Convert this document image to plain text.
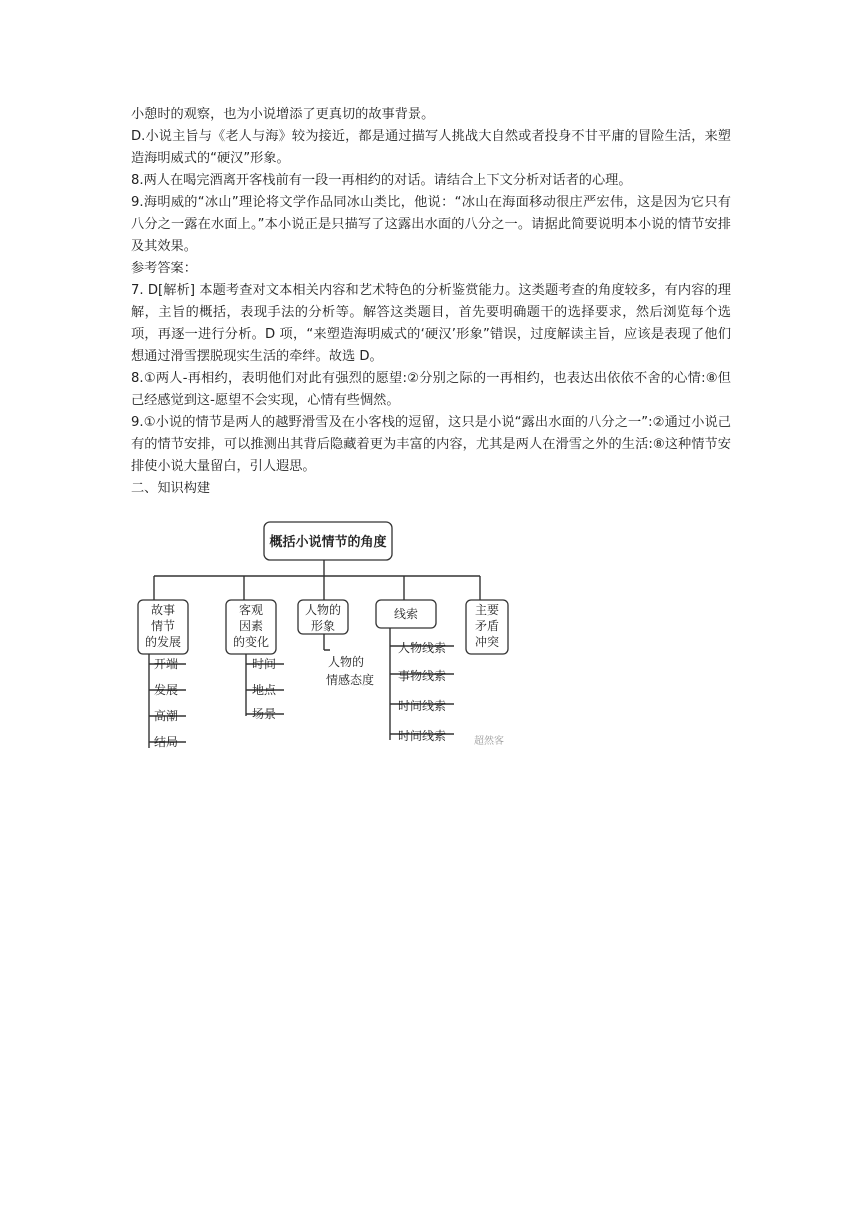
小憩时的观察，也为小说增添了更真切的故事背景。

D.小说主旨与《老人与海》较为接近，都是通过描写人挑战大自然或者投身不甘平庸的冒险生活，来塑造海明威式的“硬汉”形象。

8.两人在喝完酒离开客栈前有一段一再相约的对话。请结合上下文分析对话者的心理。

9.海明威的“冰山”理论将文学作品同冰山类比，他说：“冰山在海面移动很庄严宏伟，这是因为它只有八分之一露在水面上。”本小说正是只描写了这露出水面的八分之一。请据此简要说明本小说的情节安排及其效果。

参考答案：

7. D[解析] 本题考查对文本相关内容和艺术特色的分析鉴赏能力。这类题考查的角度较多，有内容的理解，主旨的概括，表现手法的分析等。解答这类题目，首先要明确题干的选择要求，然后浏览每个选项，再逐一进行分析。D 项，“来塑造海明威式的‘硬汉’形象”错误，过度解读主旨，应该是表现了他们想通过滑雪摆脱现实生活的牵绊。故选 D。

8.①两人-再相约，表明他们对此有强烈的愿望:②分别之际的一再相约，也表达出依依不舍的心情:⑧但己经感觉到这-愿望不会实现，心情有些惆然。

9.①小说的情节是两人的越野滑雪及在小客栈的逗留，这只是小说“露出水面的八分之一”:②通过小说己有的情节安排，可以推测出其背后隐藏着更为丰富的内容，尤其是两人在滑雪之外的生活:⑧这种情节安排使小说大量留白，引人遐思。

二、知识构建

概括小说情节的角度
故事
情节
的发展
开端
发展
高潮
结局
客观
因素
的变化
时间
地点
场景
人物的
形象
人物的
情感态度
线索
人物线索
事物线索
时间线索
时间线索
主要
矛盾
冲突
超然客
